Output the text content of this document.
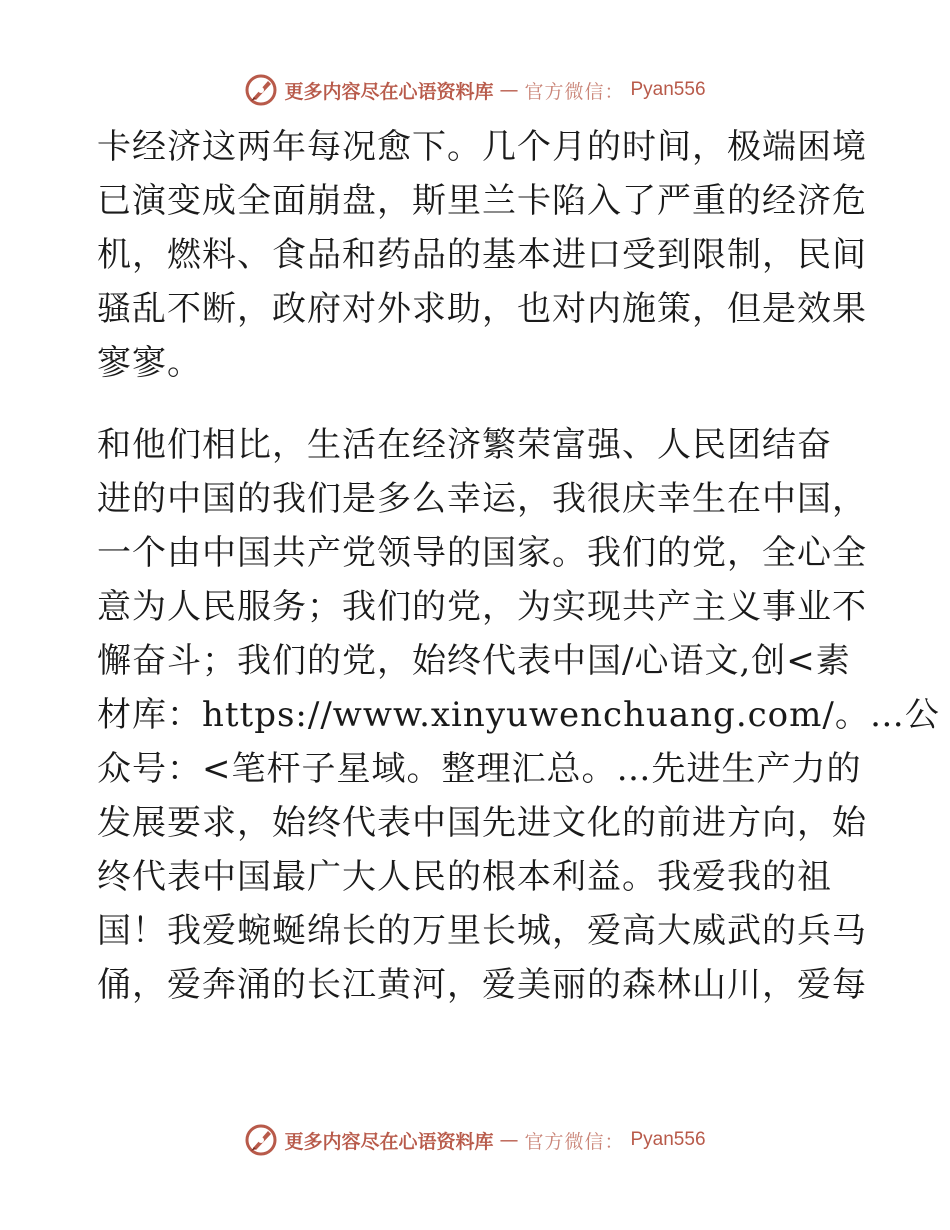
更多内容尽在心语资料库 — 官方微信： Pyan556
卡经济这两年每况愈下。几个月的时间，极端困境
已演变成全面崩盘，斯里兰卡陷入了严重的经济危
机，燃料、食品和药品的基本进口受到限制，民间
骚乱不断，政府对外求助，也对内施策，但是效果
寥寥。
和他们相比，生活在经济繁荣富强、人民团结奋
进的中国的我们是多么幸运，我很庆幸生在中国，
一个由中国共产党领导的国家。我们的党，全心全
意为人民服务；我们的党，为实现共产主义事业不
懈奋斗；我们的党，始终代表中国/心语文,创<素
材库：https://www.xinyuwenchuang.com/。…公
众号：<笔杆子星域。整理汇总。…先进生产力的
发展要求，始终代表中国先进文化的前进方向，始
终代表中国最广大人民的根本利益。我爱我的祖
国！我爱蜿蜒绵长的万里长城，爱高大威武的兵马
俑，爱奔涌的长江黄河，爱美丽的森林山川，爱每
更多内容尽在心语资料库 — 官方微信： Pyan556
